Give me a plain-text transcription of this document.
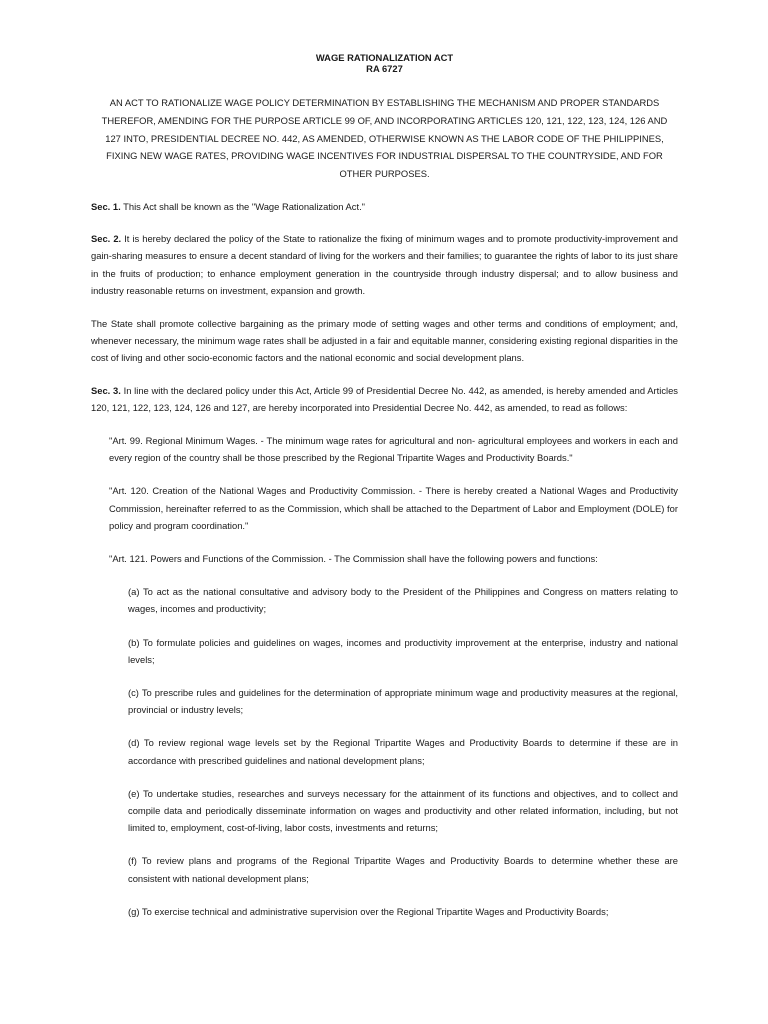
WAGE RATIONALIZATION ACT
RA 6727
AN ACT TO RATIONALIZE WAGE POLICY DETERMINATION BY ESTABLISHING THE MECHANISM AND PROPER STANDARDS THEREFOR, AMENDING FOR THE PURPOSE ARTICLE 99 OF, AND INCORPORATING ARTICLES 120, 121, 122, 123, 124, 126 AND 127 INTO, PRESIDENTIAL DECREE NO. 442, AS AMENDED, OTHERWISE KNOWN AS THE LABOR CODE OF THE PHILIPPINES, FIXING NEW WAGE RATES, PROVIDING WAGE INCENTIVES FOR INDUSTRIAL DISPERSAL TO THE COUNTRYSIDE, AND FOR OTHER PURPOSES.

Sec. 1. This Act shall be known as the "Wage Rationalization Act."

Sec. 2. It is hereby declared the policy of the State to rationalize the fixing of minimum wages and to promote productivity-improvement and gain-sharing measures to ensure a decent standard of living for the workers and their families; to guarantee the rights of labor to its just share in the fruits of production; to enhance employment generation in the countryside through industry dispersal; and to allow business and industry reasonable returns on investment, expansion and growth.

The State shall promote collective bargaining as the primary mode of setting wages and other terms and conditions of employment; and, whenever necessary, the minimum wage rates shall be adjusted in a fair and equitable manner, considering existing regional disparities in the cost of living and other socio-economic factors and the national economic and social development plans.

Sec. 3. In line with the declared policy under this Act, Article 99 of Presidential Decree No. 442, as amended, is hereby amended and Articles 120, 121, 122, 123, 124, 126 and 127, are hereby incorporated into Presidential Decree No. 442, as amended, to read as follows:

"Art. 99. Regional Minimum Wages. - The minimum wage rates for agricultural and non- agricultural employees and workers in each and every region of the country shall be those prescribed by the Regional Tripartite Wages and Productivity Boards."

"Art. 120. Creation of the National Wages and Productivity Commission. - There is hereby created a National Wages and Productivity Commission, hereinafter referred to as the Commission, which shall be attached to the Department of Labor and Employment (DOLE) for policy and program coordination."

"Art. 121. Powers and Functions of the Commission. - The Commission shall have the following powers and functions:

(a) To act as the national consultative and advisory body to the President of the Philippines and Congress on matters relating to wages, incomes and productivity;

(b) To formulate policies and guidelines on wages, incomes and productivity improvement at the enterprise, industry and national levels;

(c) To prescribe rules and guidelines for the determination of appropriate minimum wage and productivity measures at the regional, provincial or industry levels;

(d) To review regional wage levels set by the Regional Tripartite Wages and Productivity Boards to determine if these are in accordance with prescribed guidelines and national development plans;

(e) To undertake studies, researches and surveys necessary for the attainment of its functions and objectives, and to collect and compile data and periodically disseminate information on wages and productivity and other related information, including, but not limited to, employment, cost-of-living, labor costs, investments and returns;

(f) To review plans and programs of the Regional Tripartite Wages and Productivity Boards to determine whether these are consistent with national development plans;

(g) To exercise technical and administrative supervision over the Regional Tripartite Wages and Productivity Boards;
